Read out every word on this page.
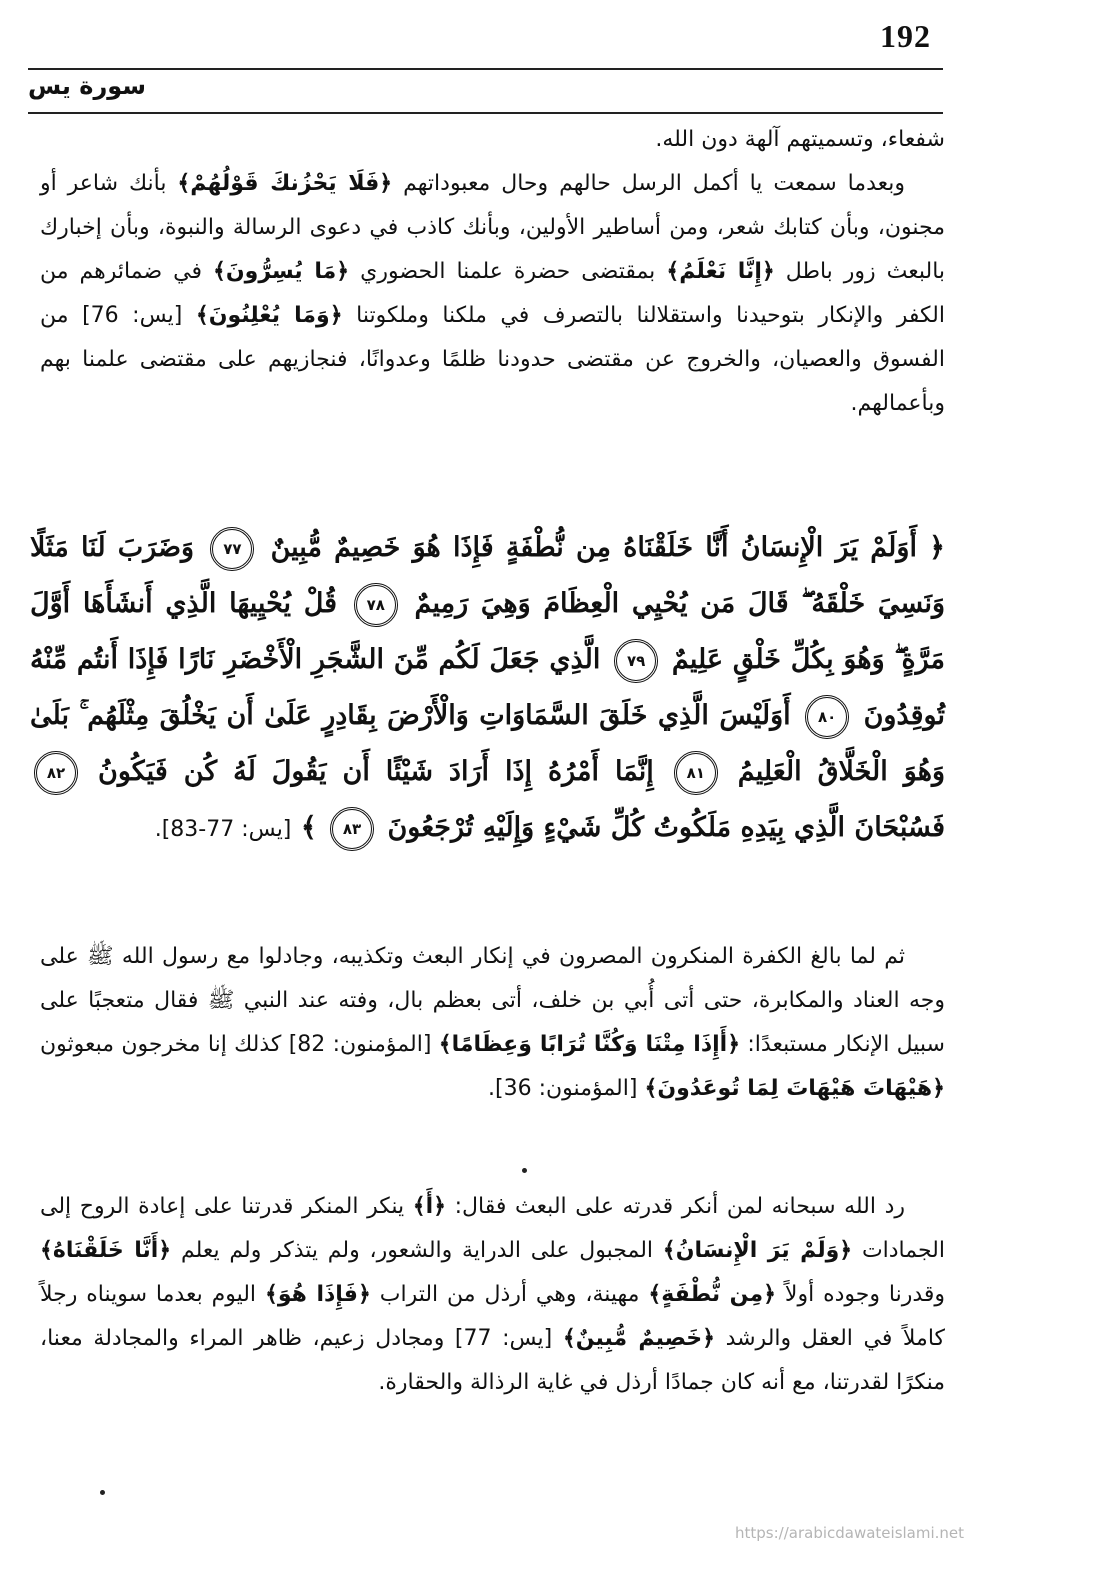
192
سورة يس

شفعاء، وتسميتهم آلهة دون الله.

وبعدما سمعت يا أكمل الرسل حالهم وحال معبوداتهم ﴿فَلَا يَحْزُنكَ قَوْلُهُمْ﴾ بأنك شاعر أو مجنون، وبأن كتابك شعر، ومن أساطير الأولين، وبأنك كاذب في دعوى الرسالة والنبوة، وبأن إخبارك بالبعث زور باطل ﴿إِنَّا نَعْلَمُ﴾ بمقتضى حضرة علمنا الحضوري ﴿مَا يُسِرُّونَ﴾ في ضمائرهم من الكفر والإنكار بتوحيدنا واستقلالنا بالتصرف في ملكنا وملكوتنا ﴿وَمَا يُعْلِنُونَ﴾ [يس: 76] من الفسوق والعصيان، والخروج عن مقتضى حدودنا ظلمًا وعدوانًا، فنجازيهم على مقتضى علمنا بهم وبأعمالهم.

﴿ أَوَلَمْ يَرَ الْإِنسَانُ أَنَّا خَلَقْنَاهُ مِن نُّطْفَةٍ فَإِذَا هُوَ خَصِيمٌ مُّبِينٌ ٧٧ وَضَرَبَ لَنَا مَثَلًا وَنَسِيَ خَلْقَهُ ۖ قَالَ مَن يُحْيِي الْعِظَامَ وَهِيَ رَمِيمٌ ٧٨ قُلْ يُحْيِيهَا الَّذِي أَنشَأَهَا أَوَّلَ مَرَّةٍ ۖ وَهُوَ بِكُلِّ خَلْقٍ عَلِيمٌ ٧٩ الَّذِي جَعَلَ لَكُم مِّنَ الشَّجَرِ الْأَخْضَرِ نَارًا فَإِذَا أَنتُم مِّنْهُ تُوقِدُونَ ٨٠ أَوَلَيْسَ الَّذِي خَلَقَ السَّمَاوَاتِ وَالْأَرْضَ بِقَادِرٍ عَلَىٰ أَن يَخْلُقَ مِثْلَهُم ۚ بَلَىٰ وَهُوَ الْخَلَّاقُ الْعَلِيمُ ٨١ إِنَّمَا أَمْرُهُ إِذَا أَرَادَ شَيْئًا أَن يَقُولَ لَهُ كُن فَيَكُونُ ٨٢ فَسُبْحَانَ الَّذِي بِيَدِهِ مَلَكُوتُ كُلِّ شَيْءٍ وَإِلَيْهِ تُرْجَعُونَ ٨٣ ﴾ [يس: 77-83].

ثم لما بالغ الكفرة المنكرون المصرون في إنكار البعث وتكذيبه، وجادلوا مع رسول الله ﷺ على وجه العناد والمكابرة، حتى أتى أُبي بن خلف، أتى بعظم بال، وفته عند النبي ﷺ فقال متعجبًا على سبيل الإنكار مستبعدًا: ﴿أَإِذَا مِتْنَا وَكُنَّا تُرَابًا وَعِظَامًا﴾ [المؤمنون: 82] كذلك إنا مخرجون مبعوثون ﴿هَيْهَاتَ هَيْهَاتَ لِمَا تُوعَدُونَ﴾ [المؤمنون: 36].

رد الله سبحانه لمن أنكر قدرته على البعث فقال: ﴿أَ﴾ ينكر المنكر قدرتنا على إعادة الروح إلى الجمادات ﴿وَلَمْ يَرَ الْإِنسَانُ﴾ المجبول على الدراية والشعور، ولم يتذكر ولم يعلم ﴿أَنَّا خَلَقْنَاهُ﴾ وقدرنا وجوده أولاً ﴿مِن نُّطْفَةٍ﴾ مهينة، وهي أرذل من التراب ﴿فَإِذَا هُوَ﴾ اليوم بعدما سويناه رجلاً كاملاً في العقل والرشد ﴿خَصِيمٌ مُّبِينٌ﴾ [يس: 77] ومجادل زعيم، ظاهر المراء والمجادلة معنا، منكرًا لقدرتنا، مع أنه كان جمادًا أرذل في غاية الرذالة والحقارة.

https://arabicdawateislami.net
